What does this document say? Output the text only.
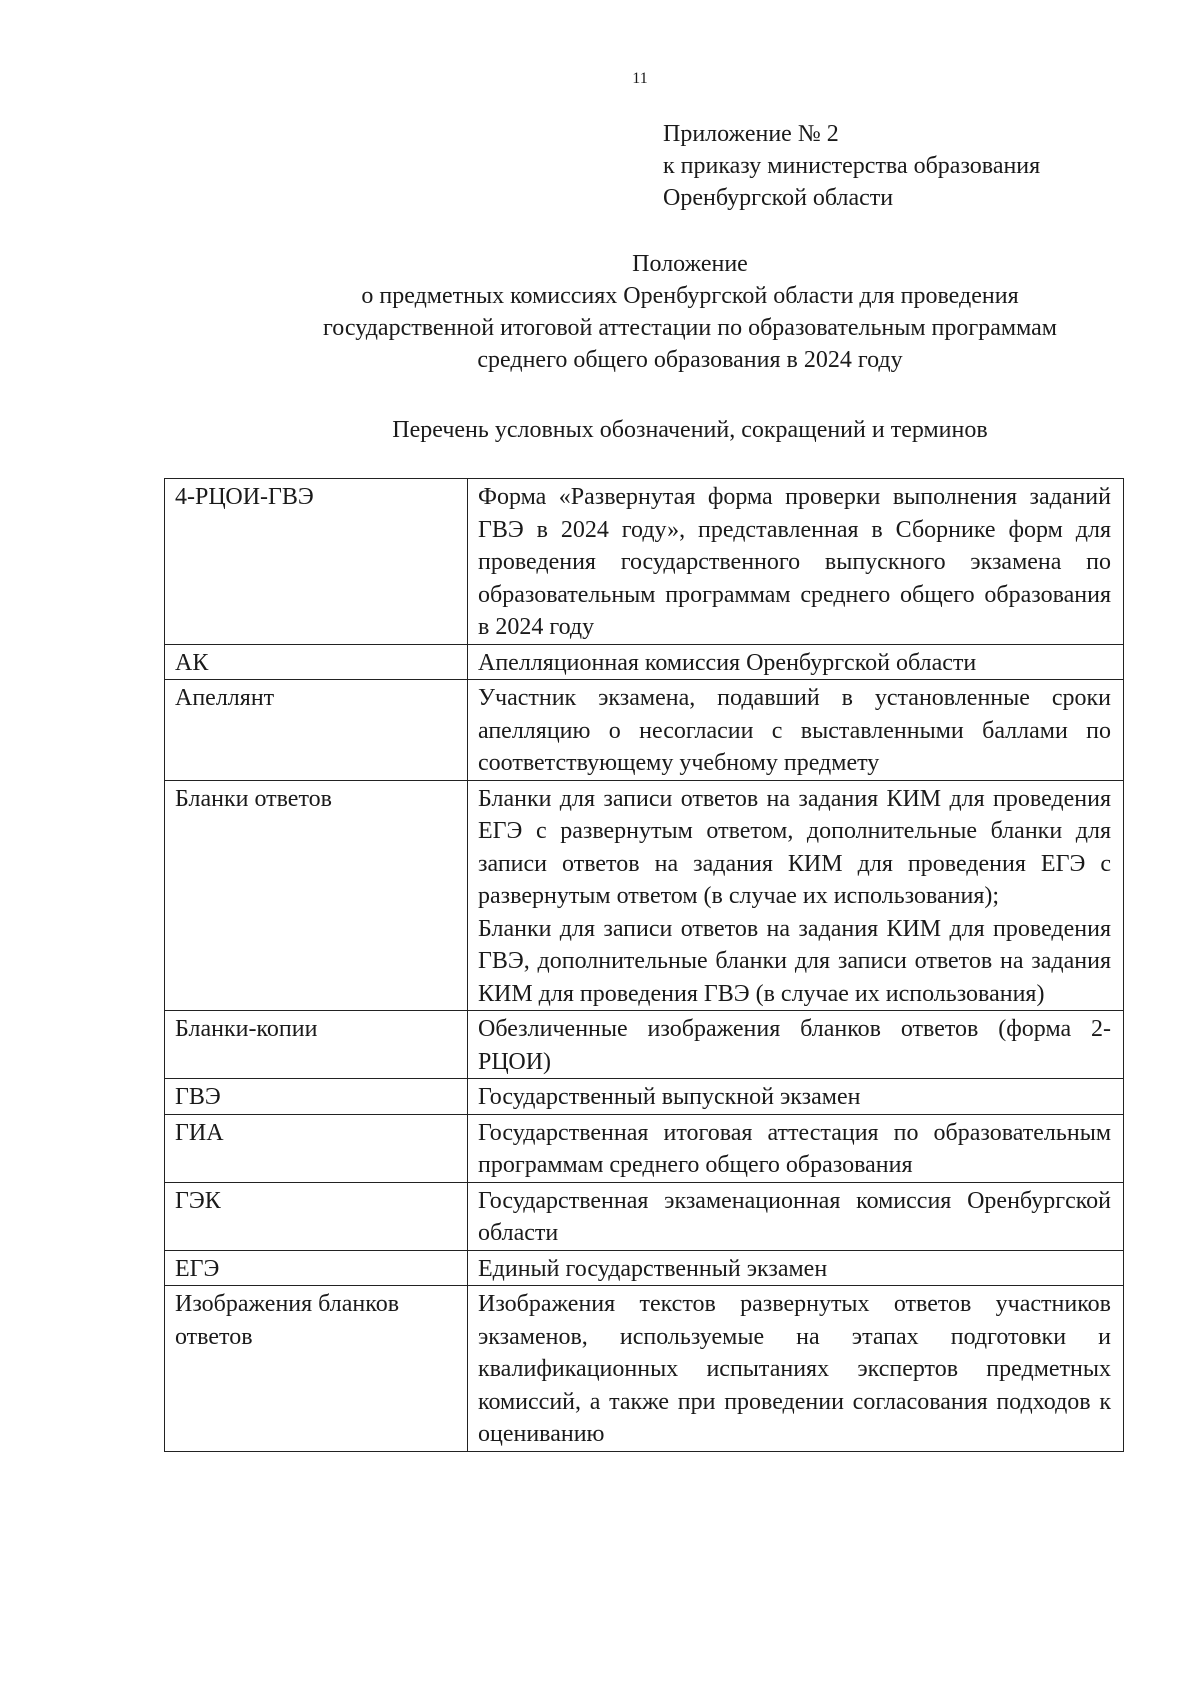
11
Приложение № 2
к приказу министерства образования
Оренбургской области
Положение
о предметных комиссиях Оренбургской области для проведения
государственной итоговой аттестации по образовательным программам
среднего общего образования в 2024 году
Перечень условных обозначений, сокращений и терминов
4-РЦОИ-ГВЭ	Форма «Развернутая форма проверки выполнения заданий ГВЭ в 2024 году», представленная в Сборнике форм для проведения государственного выпускного экзамена по образовательным программам среднего общего образования в 2024 году
АК	Апелляционная комиссия Оренбургской области
Апеллянт	Участник экзамена, подавший в установленные сроки апелляцию о несогласии с выставленными баллами по соответствующему учебному предмету
Бланки ответов	Бланки для записи ответов на задания КИМ для проведения ЕГЭ с развернутым ответом, дополнительные бланки для записи ответов на задания КИМ для проведения ЕГЭ с развернутым ответом (в случае их использования);
Бланки для записи ответов на задания КИМ для проведения ГВЭ, дополнительные бланки для записи ответов на задания КИМ для проведения ГВЭ (в случае их использования)

Бланки-копии	Обезличенные изображения бланков ответов (форма 2-РЦОИ)
ГВЭ	Государственный выпускной экзамен
ГИА	Государственная итоговая аттестация по образовательным программам среднего общего образования
ГЭК	Государственная экзаменационная комиссия Оренбургской области
ЕГЭ	Единый государственный экзамен
Изображения бланков ответов	Изображения текстов развернутых ответов участников экзаменов, используемые на этапах подготовки и квалификационных испытаниях экспертов предметных комиссий, а также при проведении согласования подходов к оцениванию
